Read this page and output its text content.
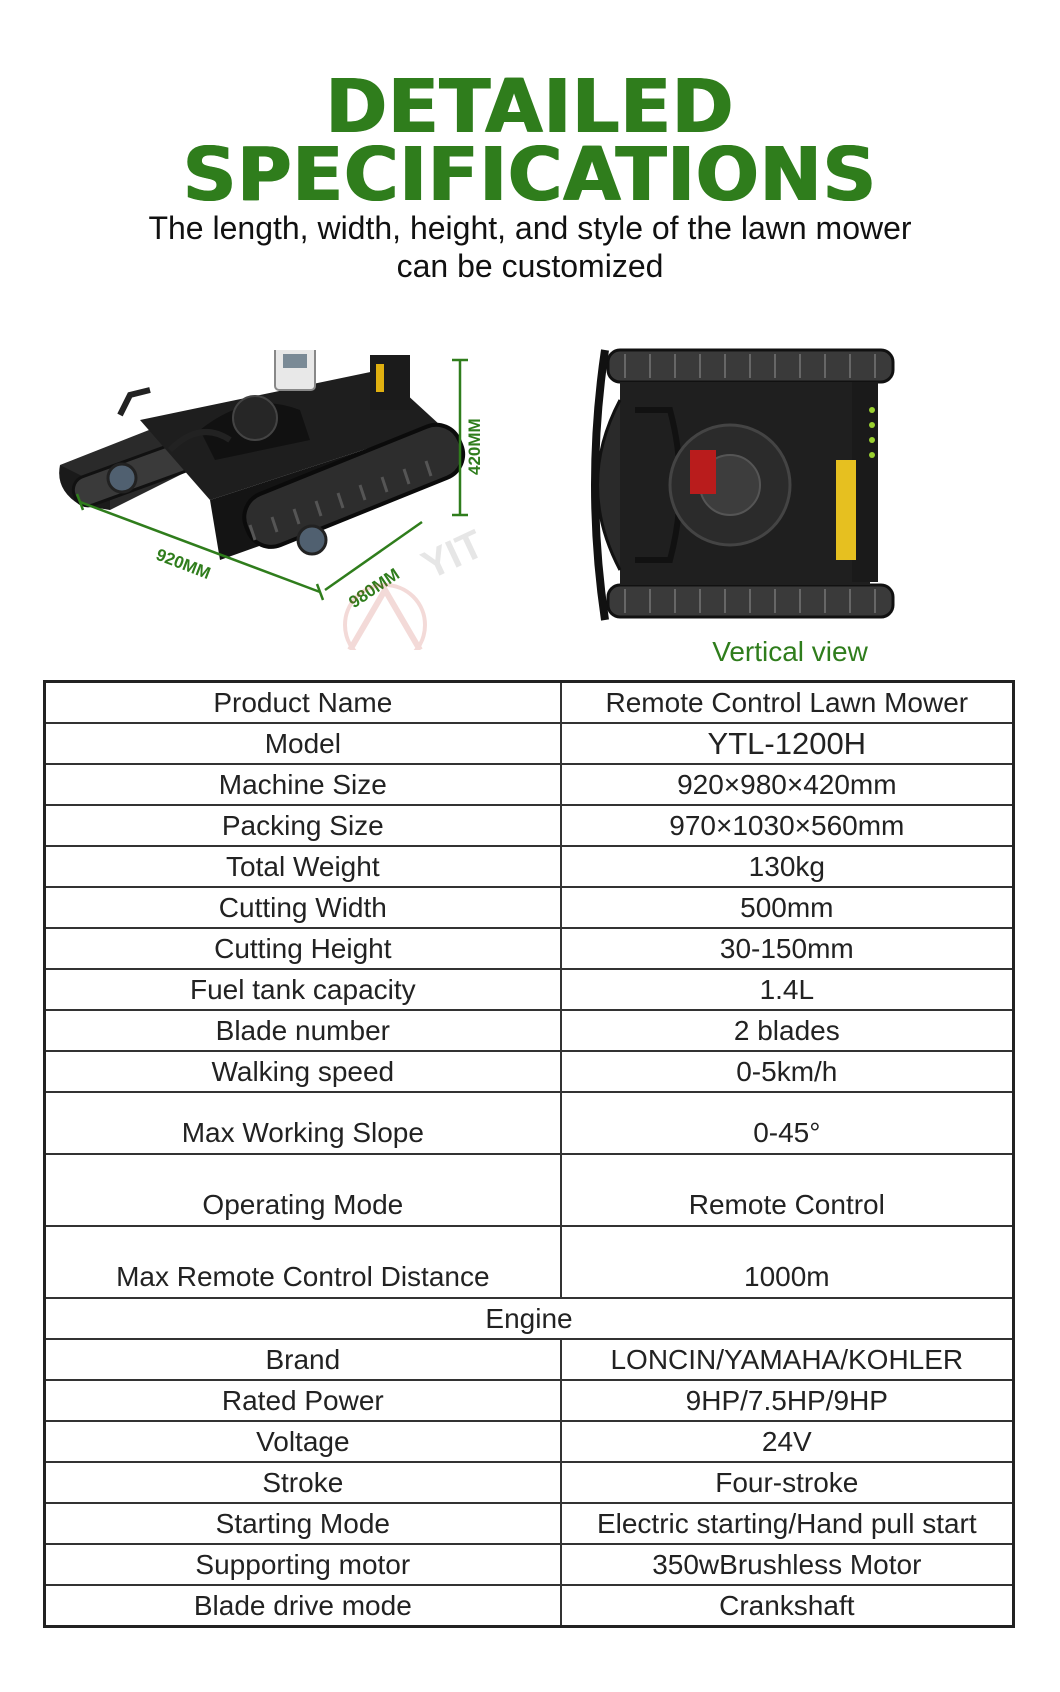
DETAILED
SPECIFICATIONS

The length, width, height, and style of the lawn mower

can be customized

920MM
980MM
420MM
YIT
Vertical view
Product Name	Remote Control Lawn Mower
Model	YTL-1200H
Machine Size	920×980×420mm
Packing Size	970×1030×560mm
Total Weight	130kg
Cutting Width	500mm
Cutting Height	30-150mm
Fuel tank capacity	1.4L
Blade number	2 blades
Walking speed	0-5km/h
Max Working Slope	0-45°
Operating Mode	Remote Control
Max Remote Control Distance	1000m
Engine	
Brand	LONCIN/YAMAHA/KOHLER
Rated Power	9HP/7.5HP/9HP
Voltage	24V
Stroke	Four-stroke
Starting Mode	Electric starting/Hand pull start
Supporting motor	350wBrushless Motor
Blade drive mode	Crankshaft
